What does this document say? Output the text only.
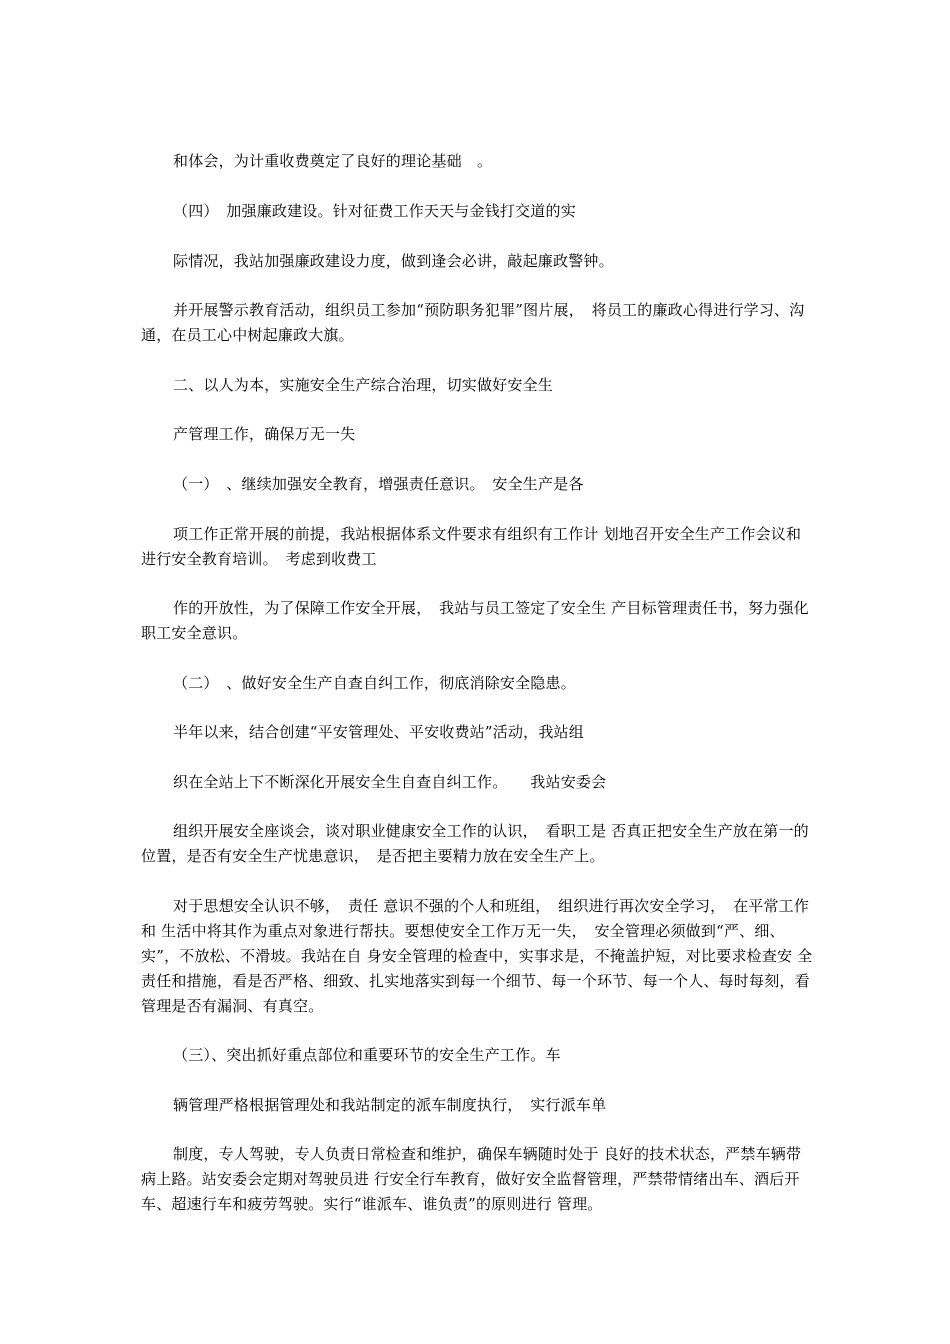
和体会，为计重收费奠定了良好的理论基础　。

（四）　加强廉政建设。针对征费工作天天与金钱打交道的实

际情况，我站加强廉政建设力度，做到逢会必讲，敲起廉政警钟。

并开展警示教育活动，组织员工参加“预防职务犯罪”图片展，　将员工的廉政心得进行学习、沟通，在员工心中树起廉政大旗。

二、以人为本，实施安全生产综合治理，切实做好安全生

产管理工作，确保万无一失

（一）　、继续加强安全教育，增强责任意识。　安全生产是各

项工作正常开展的前提，我站根据体系文件要求有组织有工作计 划地召开安全生产工作会议和进行安全教育培训。　考虑到收费工

作的开放性，为了保障工作安全开展，　我站与员工签定了安全生 产目标管理责任书，努力强化职工安全意识。

（二）　、做好安全生产自查自纠工作，彻底消除安全隐患。

半年以来，结合创建“平安管理处、平安收费站”活动，我站组

织在全站上下不断深化开展安全生自查自纠工作。　　我站安委会

组织开展安全座谈会，谈对职业健康安全工作的认识，　看职工是 否真正把安全生产放在第一的位置，是否有安全生产忧患意识，　是否把主要精力放在安全生产上。

对于思想安全认识不够，　责任 意识不强的个人和班组，　组织进行再次安全学习，　在平常工作和 生活中将其作为重点对象进行帮扶。要想使安全工作万无一失，　安全管理必须做到“严、细、实”，不放松、不滑坡。我站在自 身安全管理的检查中，实事求是，不掩盖护短，对比要求检查安 全责任和措施，看是否严格、细致、扎实地落实到每一个细节、每一个环节、每一个人、每时每刻，看管理是否有漏洞、有真空。

（三）、突出抓好重点部位和重要环节的安全生产工作。车

辆管理严格根据管理处和我站制定的派车制度执行，　实行派车单

制度，专人驾驶，专人负责日常检查和维护，确保车辆随时处于 良好的技术状态，严禁车辆带病上路。站安委会定期对驾驶员进 行安全行车教育，做好安全监督管理，严禁带情绪出车、酒后开 车、超速行车和疲劳驾驶。实行“谁派车、谁负责”的原则进行 管理。
